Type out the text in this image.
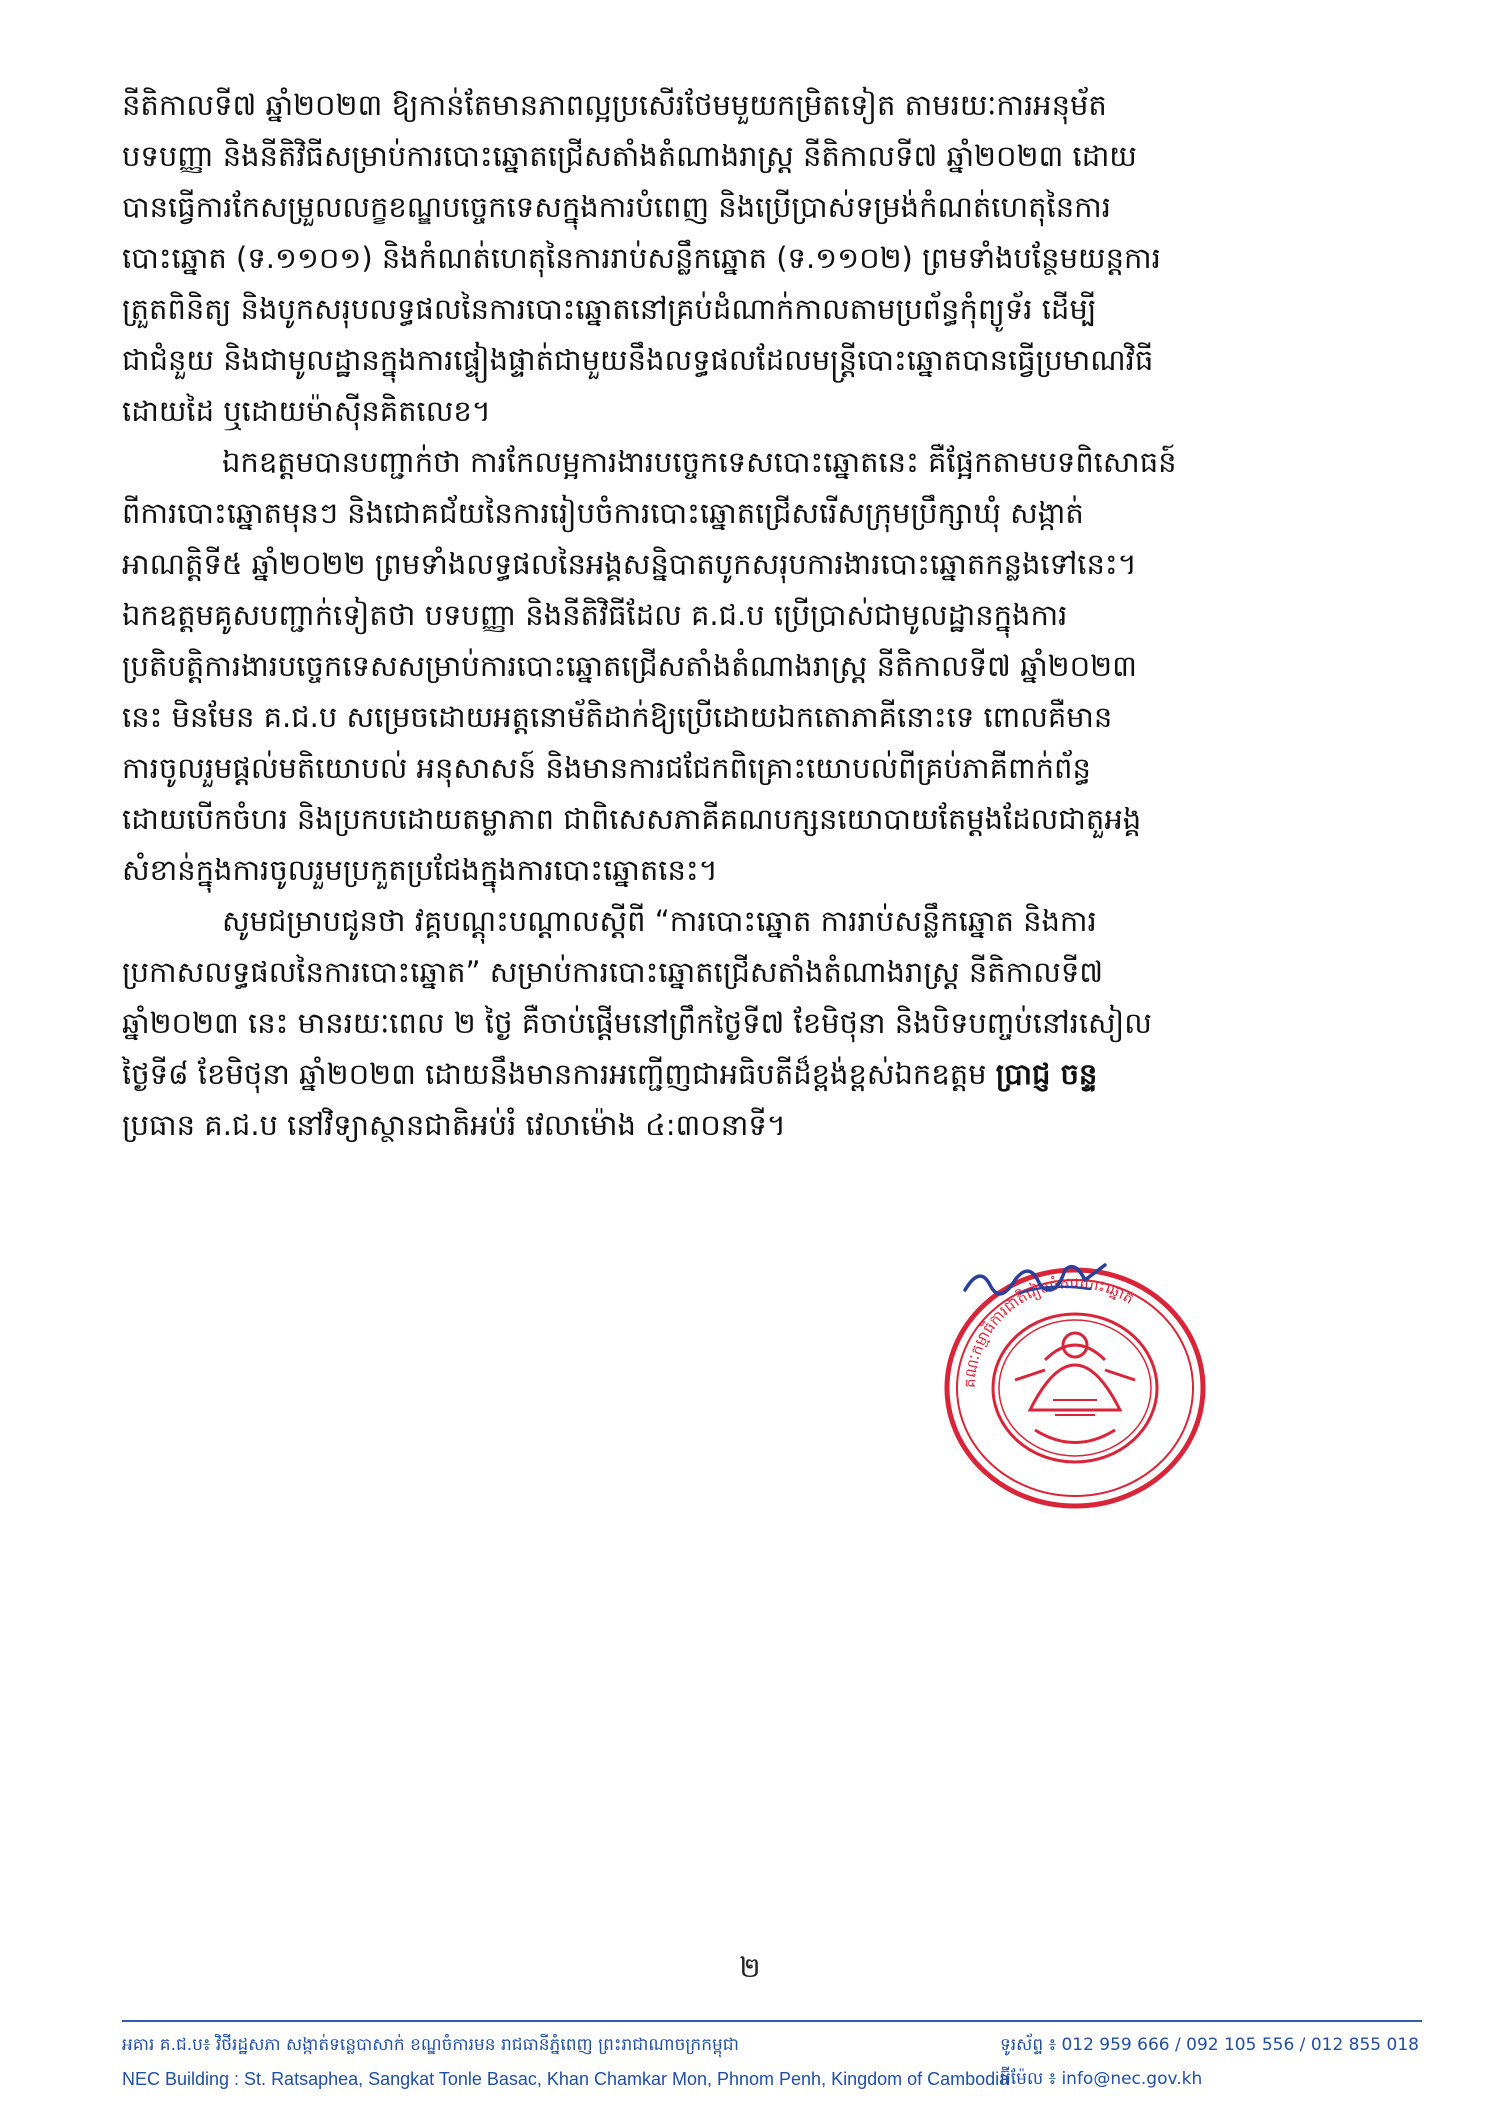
នីតិកាលទី៧ ឆ្នាំ២០២៣ ឱ្យកាន់តែមានភាពល្អប្រសើរថែមមួយកម្រិតទៀត តាមរយៈការអនុម័ត
បទបញ្ញា និងនីតិវិធីសម្រាប់ការបោះឆ្នោតជ្រើសតាំងតំណាងរាស្ត្រ នីតិកាលទី៧ ឆ្នាំ២០២៣ ដោយ
បានធ្វើការកែសម្រួលលក្ខខណ្ឌបច្ចេកទេសក្នុងការបំពេញ និងប្រើប្រាស់ទម្រង់កំណត់ហេតុនៃការ
បោះឆ្នោត (ទ.១១០១) និងកំណត់ហេតុនៃការរាប់សន្លឹកឆ្នោត (ទ.១១០២) ព្រមទាំងបន្ថែមយន្តការ
ត្រួតពិនិត្យ និងបូកសរុបលទ្ធផលនៃការបោះឆ្នោតនៅគ្រប់ដំណាក់កាលតាមប្រព័ន្ធកុំព្យូទ័រ ដើម្បី
ជាជំនួយ និងជាមូលដ្ឋានក្នុងការផ្ទៀងផ្ទាត់ជាមួយនឹងលទ្ធផលដែលមន្ត្រីបោះឆ្នោតបានធ្វើប្រមាណវិធី
ដោយដៃ ឬដោយម៉ាស៊ីនគិតលេខ។

ឯកឧត្តមបានបញ្ជាក់ថា ការកែលម្អការងារបច្ចេកទេសបោះឆ្នោតនេះ គឺផ្អែកតាមបទពិសោធន៍
ពីការបោះឆ្នោតមុនៗ និងជោគជ័យនៃការរៀបចំការបោះឆ្នោតជ្រើសរើសក្រុមប្រឹក្សាឃុំ សង្កាត់
អាណត្តិទី៥ ឆ្នាំ២០២២ ព្រមទាំងលទ្ធផលនៃអង្គសន្និបាតបូកសរុបការងារបោះឆ្នោតកន្លងទៅនេះ។
ឯកឧត្តមគូសបញ្ជាក់ទៀតថា បទបញ្ញា និងនីតិវិធីដែល គ.ជ.ប ប្រើប្រាស់ជាមូលដ្ឋានក្នុងការ
ប្រតិបត្តិការងារបច្ចេកទេសសម្រាប់ការបោះឆ្នោតជ្រើសតាំងតំណាងរាស្ត្រ នីតិកាលទី៧ ឆ្នាំ២០២៣
នេះ មិនមែន គ.ជ.ប សម្រេចដោយអត្តនោម័តិដាក់ឱ្យប្រើដោយឯកតោភាគីនោះទេ ពោលគឺមាន
ការចូលរួមផ្តល់មតិយោបល់ អនុសាសន៍ និងមានការជជែកពិគ្រោះយោបល់ពីគ្រប់ភាគីពាក់ព័ន្ធ
ដោយបើកចំហរ និងប្រកបដោយតម្លាភាព ជាពិសេសភាគីគណបក្សនយោបាយតែម្តងដែលជាតួអង្គ
សំខាន់ក្នុងការចូលរួមប្រកួតប្រជែងក្នុងការបោះឆ្នោតនេះ។

សូមជម្រាបជូនថា វគ្គបណ្តុះបណ្តាលស្តីពី “ការបោះឆ្នោត ការរាប់សន្លឹកឆ្នោត និងការ
ប្រកាសលទ្ធផលនៃការបោះឆ្នោត” សម្រាប់ការបោះឆ្នោតជ្រើសតាំងតំណាងរាស្ត្រ នីតិកាលទី៧
ឆ្នាំ២០២៣ នេះ មានរយៈពេល ២ ថ្ងៃ គឺចាប់ផ្តើមនៅព្រឹកថ្ងៃទី៧ ខែមិថុនា និងបិទបញ្ចប់នៅរសៀល
ថ្ងៃទី៨ ខែមិថុនា ឆ្នាំ២០២៣ ដោយនឹងមានការអញ្ជើញជាអធិបតីដ៏ខ្ពង់ខ្ពស់ឯកឧត្តម ប្រាជ្ញ ចន្ទ
ប្រធាន គ.ជ.ប នៅវិទ្យាស្ថានជាតិអប់រំ វេលាម៉ោង ៤:៣០នាទី។

គណៈកម្មាធិការជាតិរៀបចំការបោះឆ្នោត
២
អគារ គ.ជ.ប៖ វិថីរដ្ឋសភា សង្កាត់ទន្លេបាសាក់ ខណ្ឌចំការមន រាជធានីភ្នំពេញ ព្រះរាជាណាចក្រកម្ពុជា
NEC Building : St. Ratsaphea, Sangkat Tonle Basac, Khan Chamkar Mon, Phnom Penh, Kingdom of Cambodia
ទូរស័ព្ទ ៖ 012 959 666 / 092 105 556 / 012 855 018
អ៊ីម៉ែល ៖ info@nec.gov.kh
